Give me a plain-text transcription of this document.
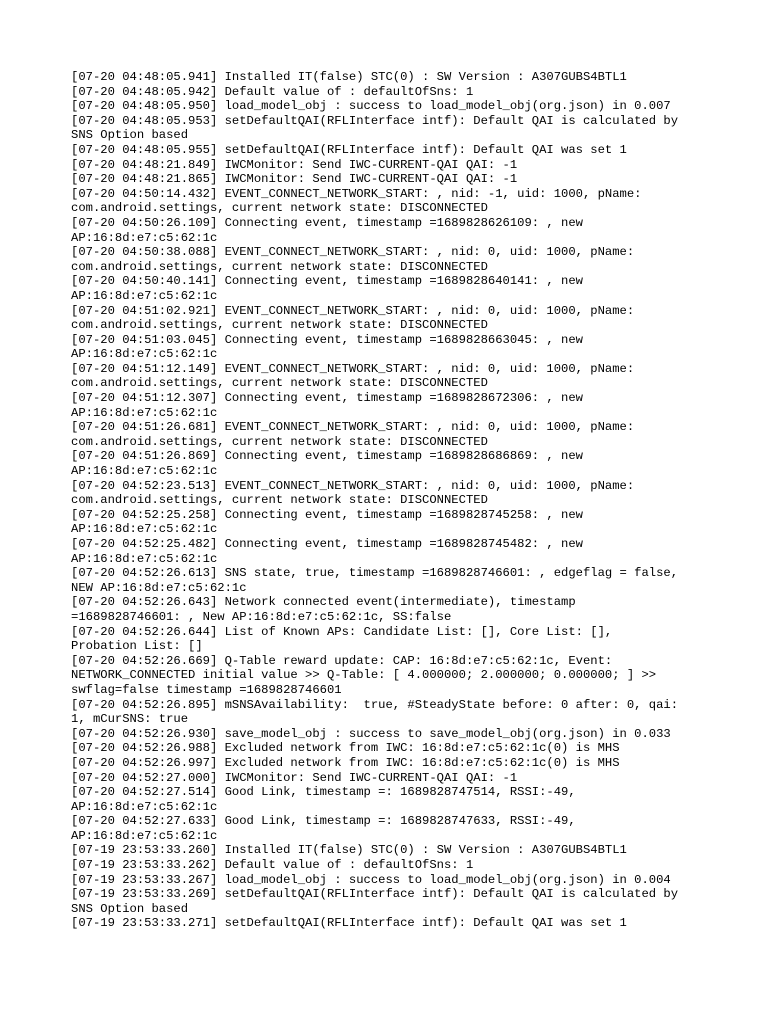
[07-20 04:48:05.941] Installed IT(false) STC(0) : SW Version : A307GUBS4BTL1
[07-20 04:48:05.942] Default value of : defaultOfSns: 1
[07-20 04:48:05.950] load_model_obj : success to load_model_obj(org.json) in 0.007
[07-20 04:48:05.953] setDefaultQAI(RFLInterface intf): Default QAI is calculated by
SNS Option based
[07-20 04:48:05.955] setDefaultQAI(RFLInterface intf): Default QAI was set 1
[07-20 04:48:21.849] IWCMonitor: Send IWC-CURRENT-QAI QAI: -1
[07-20 04:48:21.865] IWCMonitor: Send IWC-CURRENT-QAI QAI: -1
[07-20 04:50:14.432] EVENT_CONNECT_NETWORK_START: , nid: -1, uid: 1000, pName:
com.android.settings, current network state: DISCONNECTED
[07-20 04:50:26.109] Connecting event, timestamp =1689828626109: , new
AP:16:8d:e7:c5:62:1c
[07-20 04:50:38.088] EVENT_CONNECT_NETWORK_START: , nid: 0, uid: 1000, pName:
com.android.settings, current network state: DISCONNECTED
[07-20 04:50:40.141] Connecting event, timestamp =1689828640141: , new
AP:16:8d:e7:c5:62:1c
[07-20 04:51:02.921] EVENT_CONNECT_NETWORK_START: , nid: 0, uid: 1000, pName:
com.android.settings, current network state: DISCONNECTED
[07-20 04:51:03.045] Connecting event, timestamp =1689828663045: , new
AP:16:8d:e7:c5:62:1c
[07-20 04:51:12.149] EVENT_CONNECT_NETWORK_START: , nid: 0, uid: 1000, pName:
com.android.settings, current network state: DISCONNECTED
[07-20 04:51:12.307] Connecting event, timestamp =1689828672306: , new
AP:16:8d:e7:c5:62:1c
[07-20 04:51:26.681] EVENT_CONNECT_NETWORK_START: , nid: 0, uid: 1000, pName:
com.android.settings, current network state: DISCONNECTED
[07-20 04:51:26.869] Connecting event, timestamp =1689828686869: , new
AP:16:8d:e7:c5:62:1c
[07-20 04:52:23.513] EVENT_CONNECT_NETWORK_START: , nid: 0, uid: 1000, pName:
com.android.settings, current network state: DISCONNECTED
[07-20 04:52:25.258] Connecting event, timestamp =1689828745258: , new
AP:16:8d:e7:c5:62:1c
[07-20 04:52:25.482] Connecting event, timestamp =1689828745482: , new
AP:16:8d:e7:c5:62:1c
[07-20 04:52:26.613] SNS state, true, timestamp =1689828746601: , edgeflag = false,
NEW AP:16:8d:e7:c5:62:1c
[07-20 04:52:26.643] Network connected event(intermediate), timestamp
=1689828746601: , New AP:16:8d:e7:c5:62:1c, SS:false
[07-20 04:52:26.644] List of Known APs: Candidate List: [], Core List: [],
Probation List: []
[07-20 04:52:26.669] Q-Table reward update: CAP: 16:8d:e7:c5:62:1c, Event:
NETWORK_CONNECTED initial value >> Q-Table: [ 4.000000; 2.000000; 0.000000; ] >>
swflag=false timestamp =1689828746601
[07-20 04:52:26.895] mSNSAvailability:  true, #SteadyState before: 0 after: 0, qai:
1, mCurSNS: true
[07-20 04:52:26.930] save_model_obj : success to save_model_obj(org.json) in 0.033
[07-20 04:52:26.988] Excluded network from IWC: 16:8d:e7:c5:62:1c(0) is MHS
[07-20 04:52:26.997] Excluded network from IWC: 16:8d:e7:c5:62:1c(0) is MHS
[07-20 04:52:27.000] IWCMonitor: Send IWC-CURRENT-QAI QAI: -1
[07-20 04:52:27.514] Good Link, timestamp =: 1689828747514, RSSI:-49,
AP:16:8d:e7:c5:62:1c
[07-20 04:52:27.633] Good Link, timestamp =: 1689828747633, RSSI:-49,
AP:16:8d:e7:c5:62:1c
[07-19 23:53:33.260] Installed IT(false) STC(0) : SW Version : A307GUBS4BTL1
[07-19 23:53:33.262] Default value of : defaultOfSns: 1
[07-19 23:53:33.267] load_model_obj : success to load_model_obj(org.json) in 0.004
[07-19 23:53:33.269] setDefaultQAI(RFLInterface intf): Default QAI is calculated by
SNS Option based
[07-19 23:53:33.271] setDefaultQAI(RFLInterface intf): Default QAI was set 1
